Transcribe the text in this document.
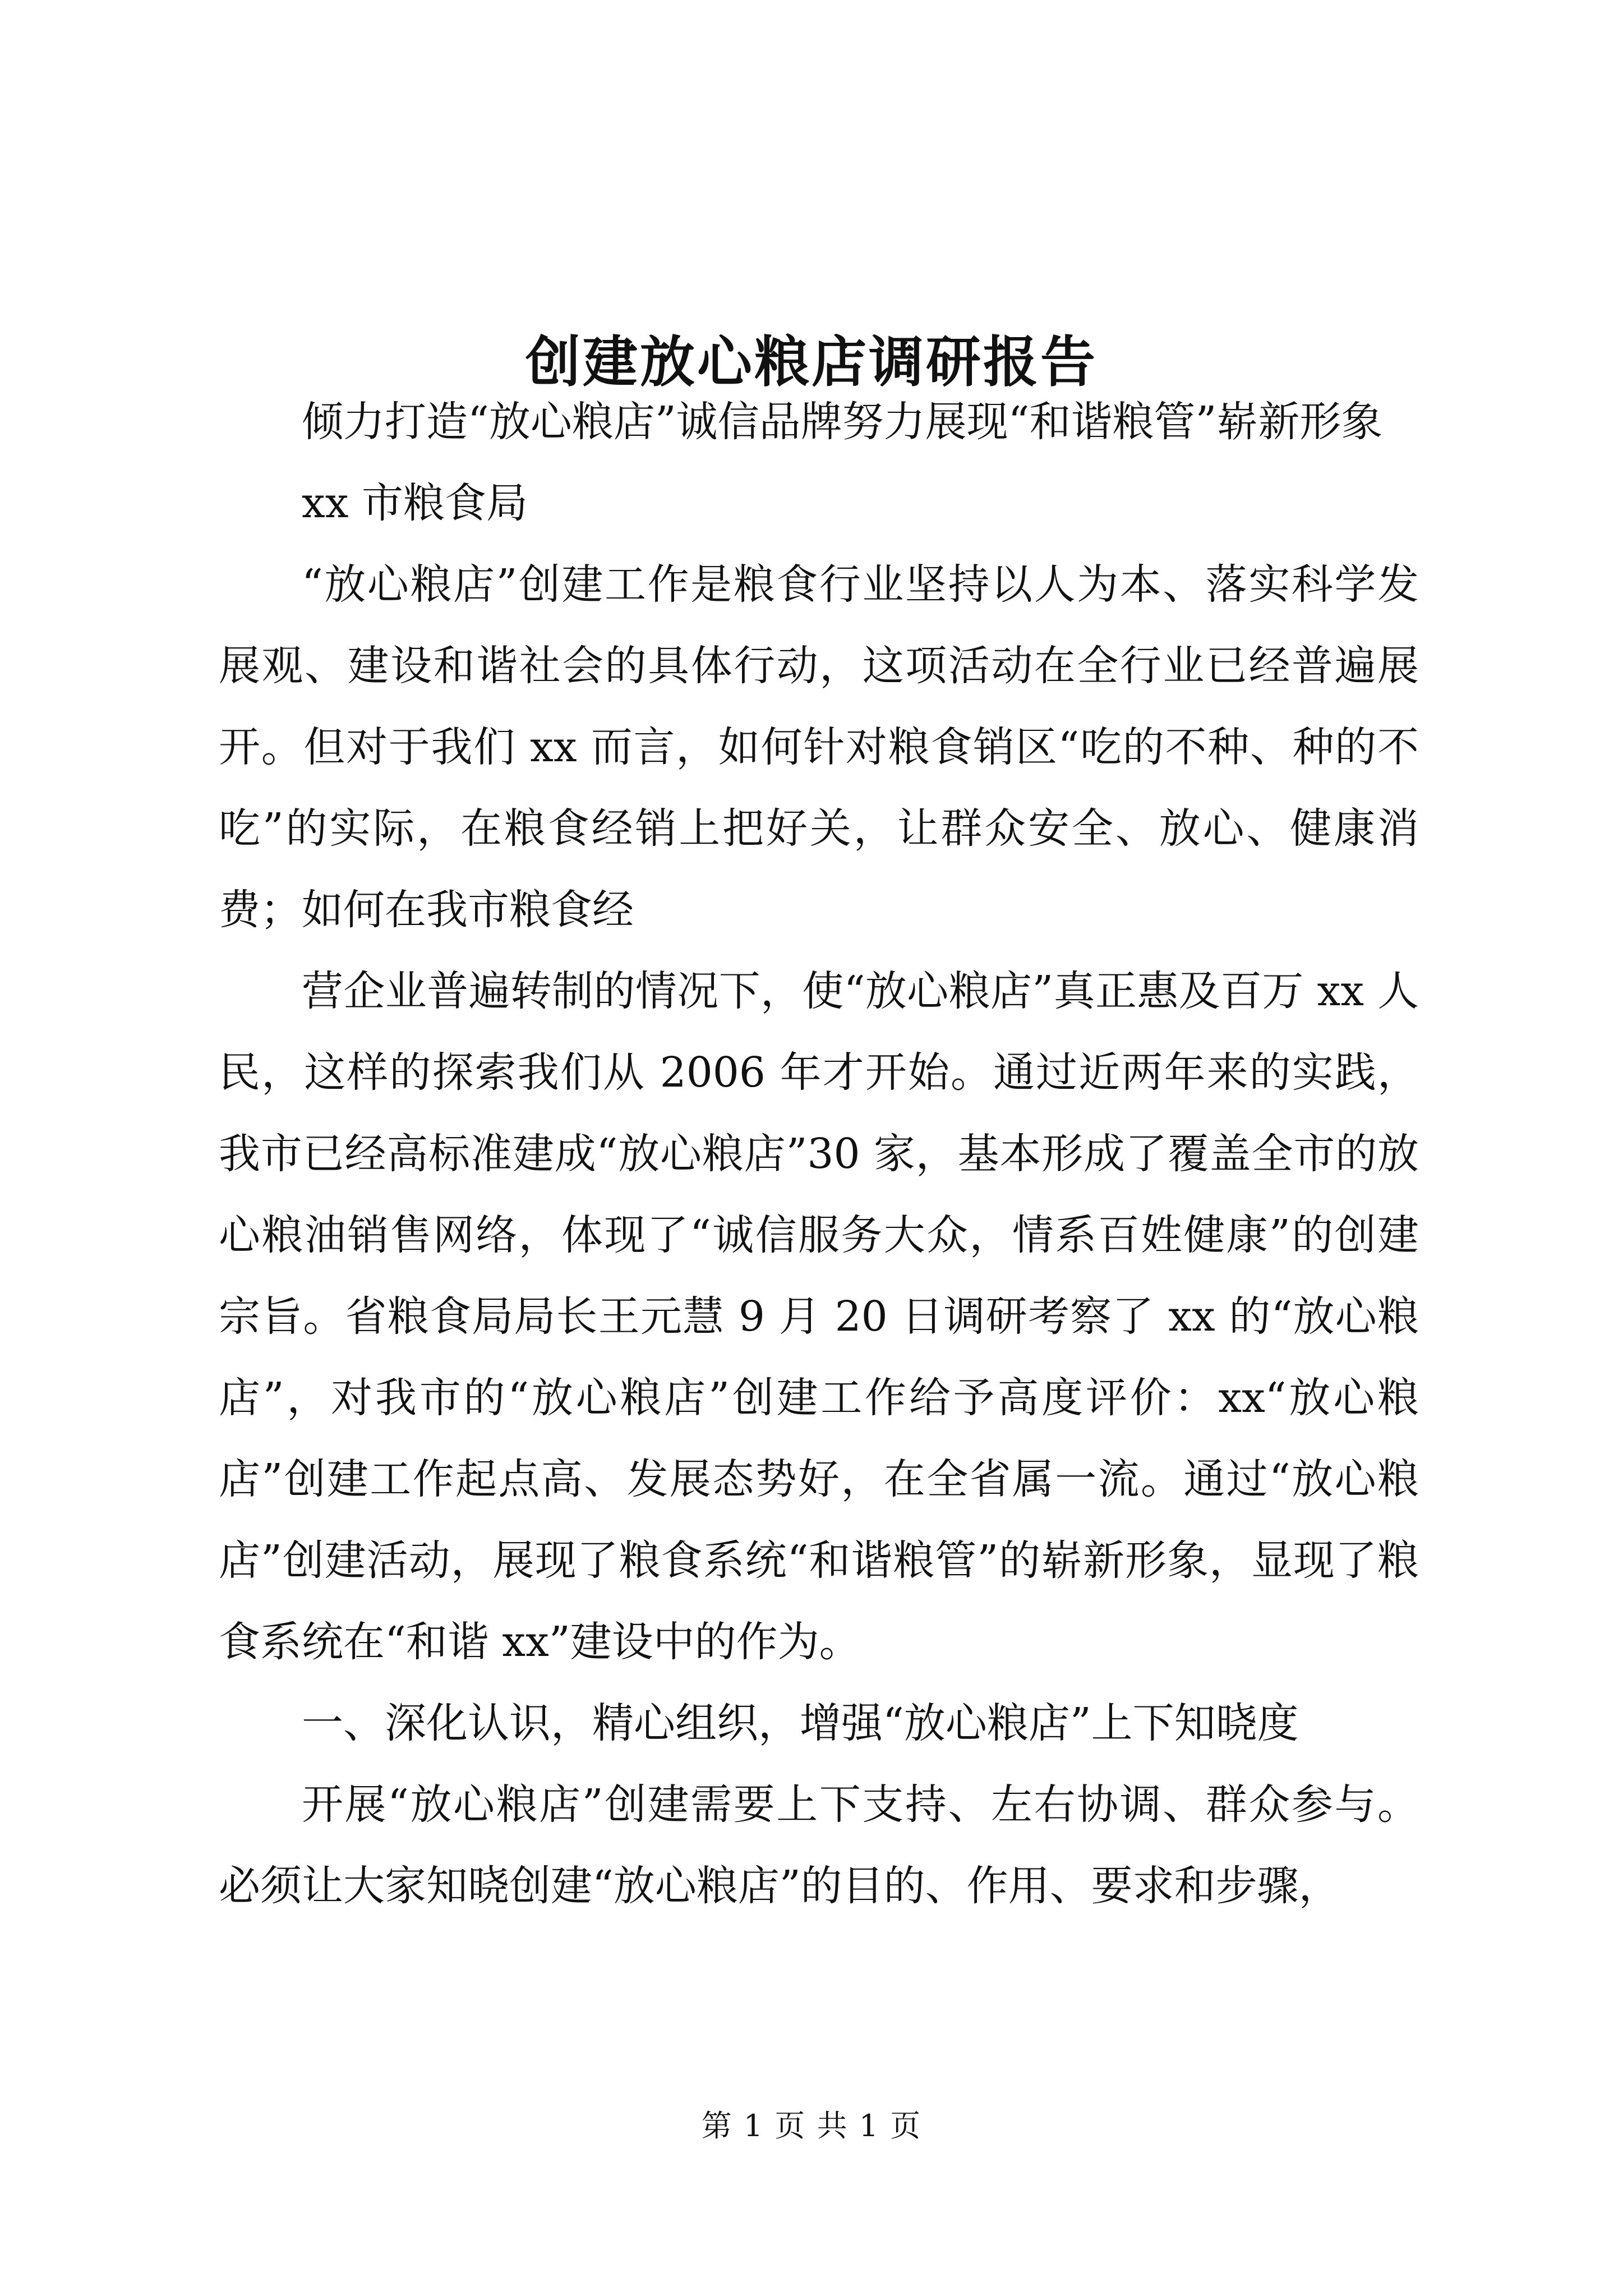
创建放心粮店调研报告

倾力打造“放心粮店”诚信品牌努力展现“和谐粮管”崭新形象

xx 市粮食局

“放心粮店”创建工作是粮食行业坚持以人为本、落实科学发展观、建设和谐社会的具体行动，这项活动在全行业已经普遍展开。但对于我们 xx 而言，如何针对粮食销区“吃的不种、种的不吃”的实际，在粮食经销上把好关，让群众安全、放心、健康消费；如何在我市粮食经

营企业普遍转制的情况下，使“放心粮店”真正惠及百万 xx 人民，这样的探索我们从 2006 年才开始。通过近两年来的实践，我市已经高标准建成“放心粮店”30 家，基本形成了覆盖全市的放心粮油销售网络，体现了“诚信服务大众，情系百姓健康”的创建宗旨。省粮食局局长王元慧 9 月 20 日调研考察了 xx 的“放心粮店”，对我市的“放心粮店”创建工作给予高度评价：xx“放心粮店”创建工作起点高、发展态势好，在全省属一流。通过“放心粮店”创建活动，展现了粮食系统“和谐粮管”的崭新形象，显现了粮食系统在“和谐 xx”建设中的作为。

一、深化认识，精心组织，增强“放心粮店”上下知晓度

开展“放心粮店”创建需要上下支持、左右协调、群众参与。必须让大家知晓创建“放心粮店”的目的、作用、要求和步骤，

第 1 页 共 1 页
